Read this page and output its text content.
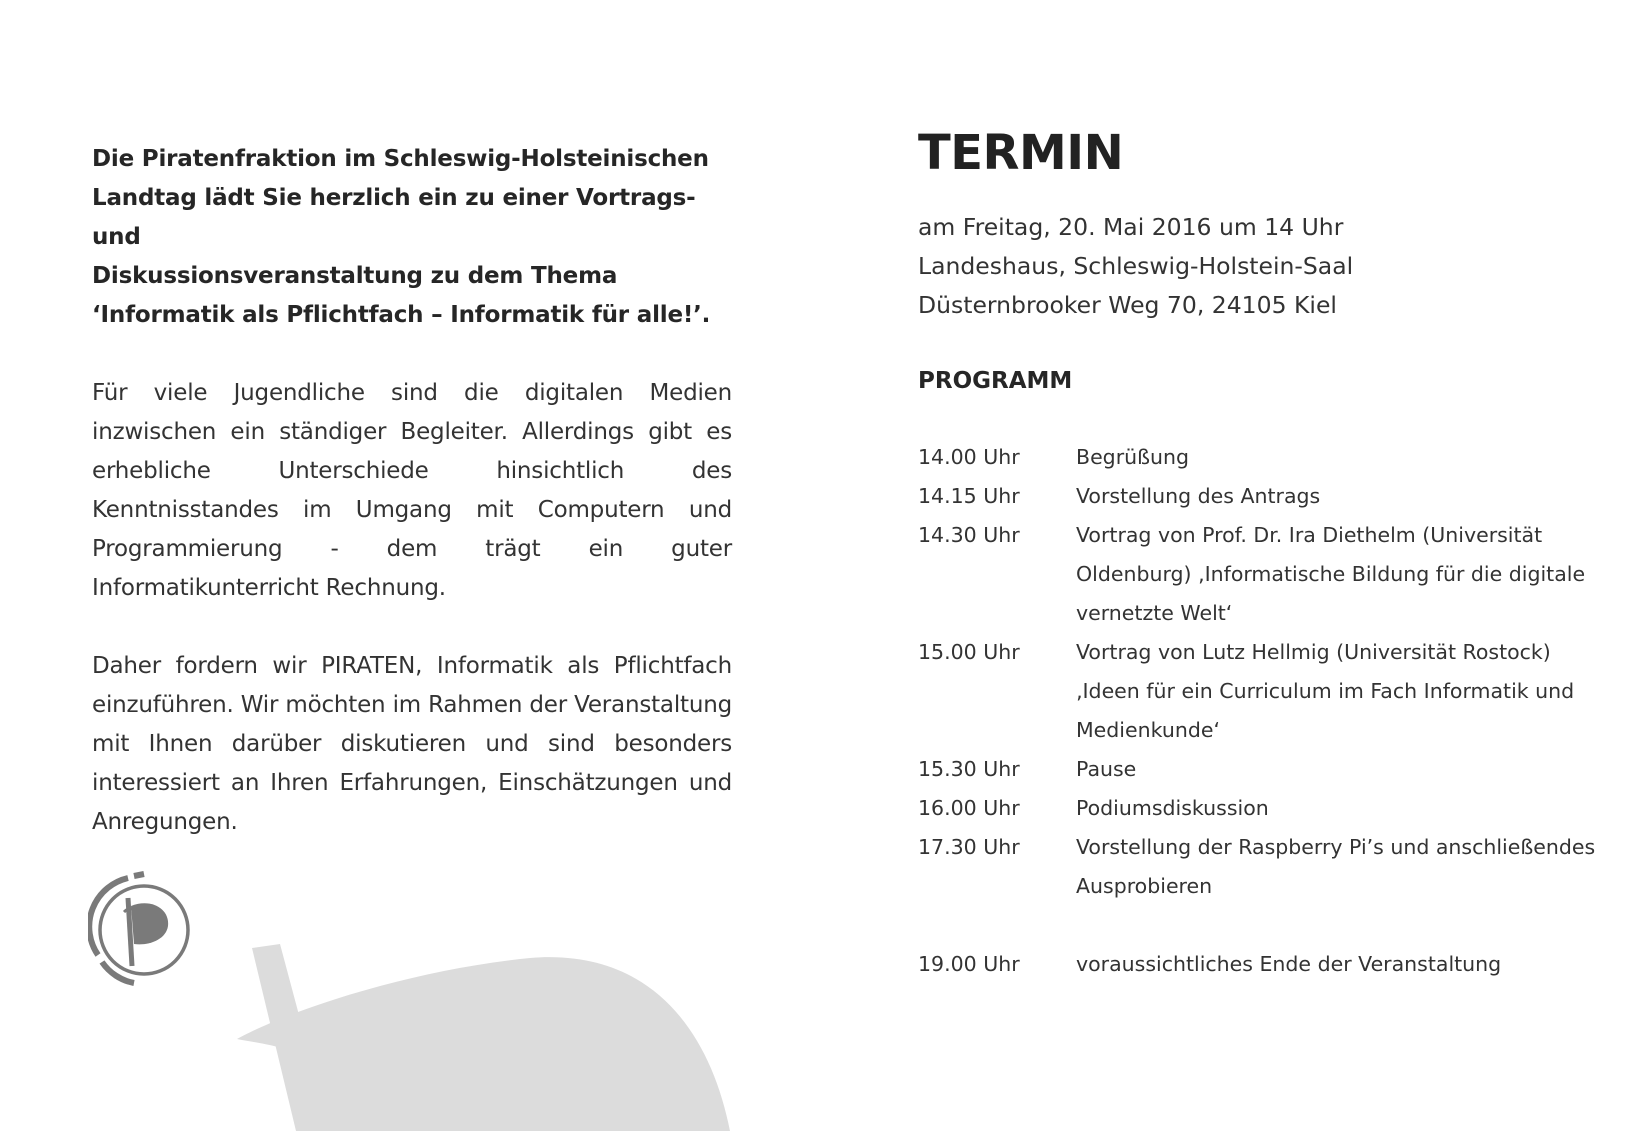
Die Piratenfraktion im Schleswig-Holsteinischen
Landtag lädt Sie herzlich ein zu einer Vortrags- und
Diskussionsveranstaltung zu dem Thema
‘Informatik als Pflichtfach – Informatik für alle!’.

Für viele Jugendliche sind die digitalen Medien inzwischen ein ständiger Begleiter. Allerdings gibt es erhebliche Unterschiede hinsichtlich des Kenntnisstandes im Umgang mit Computern und Programmierung - dem trägt ein guter Informatikunterricht Rechnung.

Daher fordern wir PIRATEN, Informatik als Pflichtfach einzuführen. Wir möchten im Rahmen der Veranstaltung mit Ihnen darüber diskutieren und sind besonders interessiert an Ihren Erfahrungen, Einschätzungen und Anregungen.

TERMIN
am Freitag, 20. Mai 2016 um 14 Uhr
Landeshaus, Schleswig-Holstein-Saal
Düsternbrooker Weg 70, 24105 Kiel
PROGRAMM
14.00 Uhr	Begrüßung
14.15 Uhr	Vorstellung des Antrags
14.30 Uhr	Vortrag von Prof. Dr. Ira Diethelm (Universität Oldenburg) ‚Informatische Bildung für die digitale vernetzte Welt‘
15.00 Uhr	Vortrag von Lutz Hellmig (Universität Rostock) ‚Ideen für ein Curriculum im Fach Informatik und Medienkunde‘
15.30 Uhr	Pause
16.00 Uhr	Podiumsdiskussion
17.30 Uhr	Vorstellung der Raspberry Pi’s und anschließendes Ausprobieren
19.00 Uhr	voraussichtliches Ende der Veranstaltung
